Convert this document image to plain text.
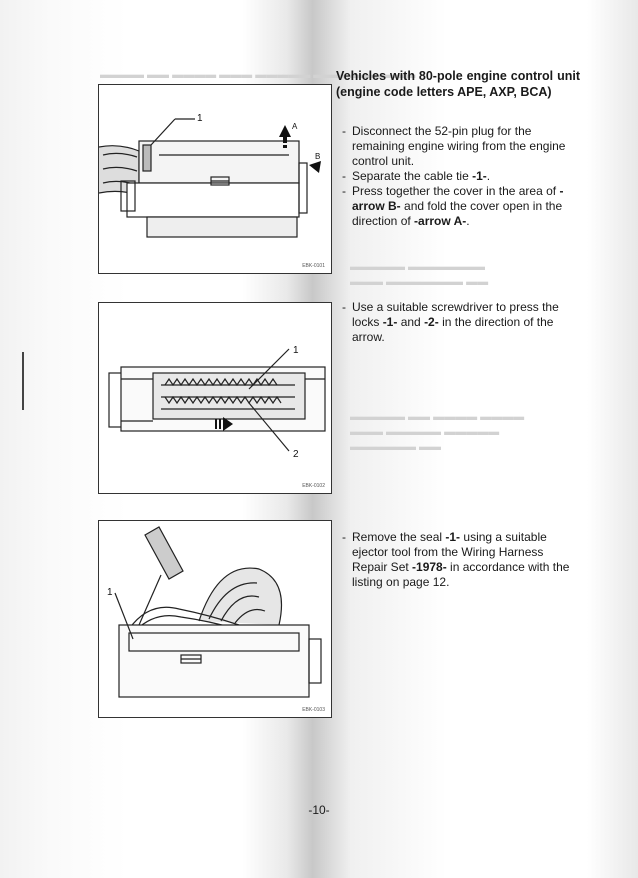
▬▬▬▬ ▬▬ ▬▬▬▬ ▬▬▬ ▬▬▬▬▬ ▬▬▬ ▬▬▬▬▬▬
▬▬▬▬▬ ▬▬▬▬▬▬▬
▬▬▬ ▬▬▬▬▬▬▬ ▬▬
▬▬▬▬▬ ▬▬ ▬▬▬▬ ▬▬▬▬
▬▬▬ ▬▬▬▬▬ ▬▬▬▬▬
▬▬▬▬▬▬ ▬▬
1
A
B
EBK-0101
1
2
EBK-0102
1
EBK-0103
Vehicles with 80-pole engine control unit (engine code letters APE, AXP, BCA)
- Disconnect the 52-pin plug for the remaining engine wiring from the engine control unit.
- Separate the cable tie -1-.
- Press together the cover in the area of -arrow B- and fold the cover open in the direction of -arrow A-.
- Use a suitable screwdriver to press the locks -1- and -2- in the direction of the arrow.
- Remove the seal -1- using a suitable ejector tool from the Wiring Harness Repair Set -1978- in accordance with the listing on page 12.
-10-
